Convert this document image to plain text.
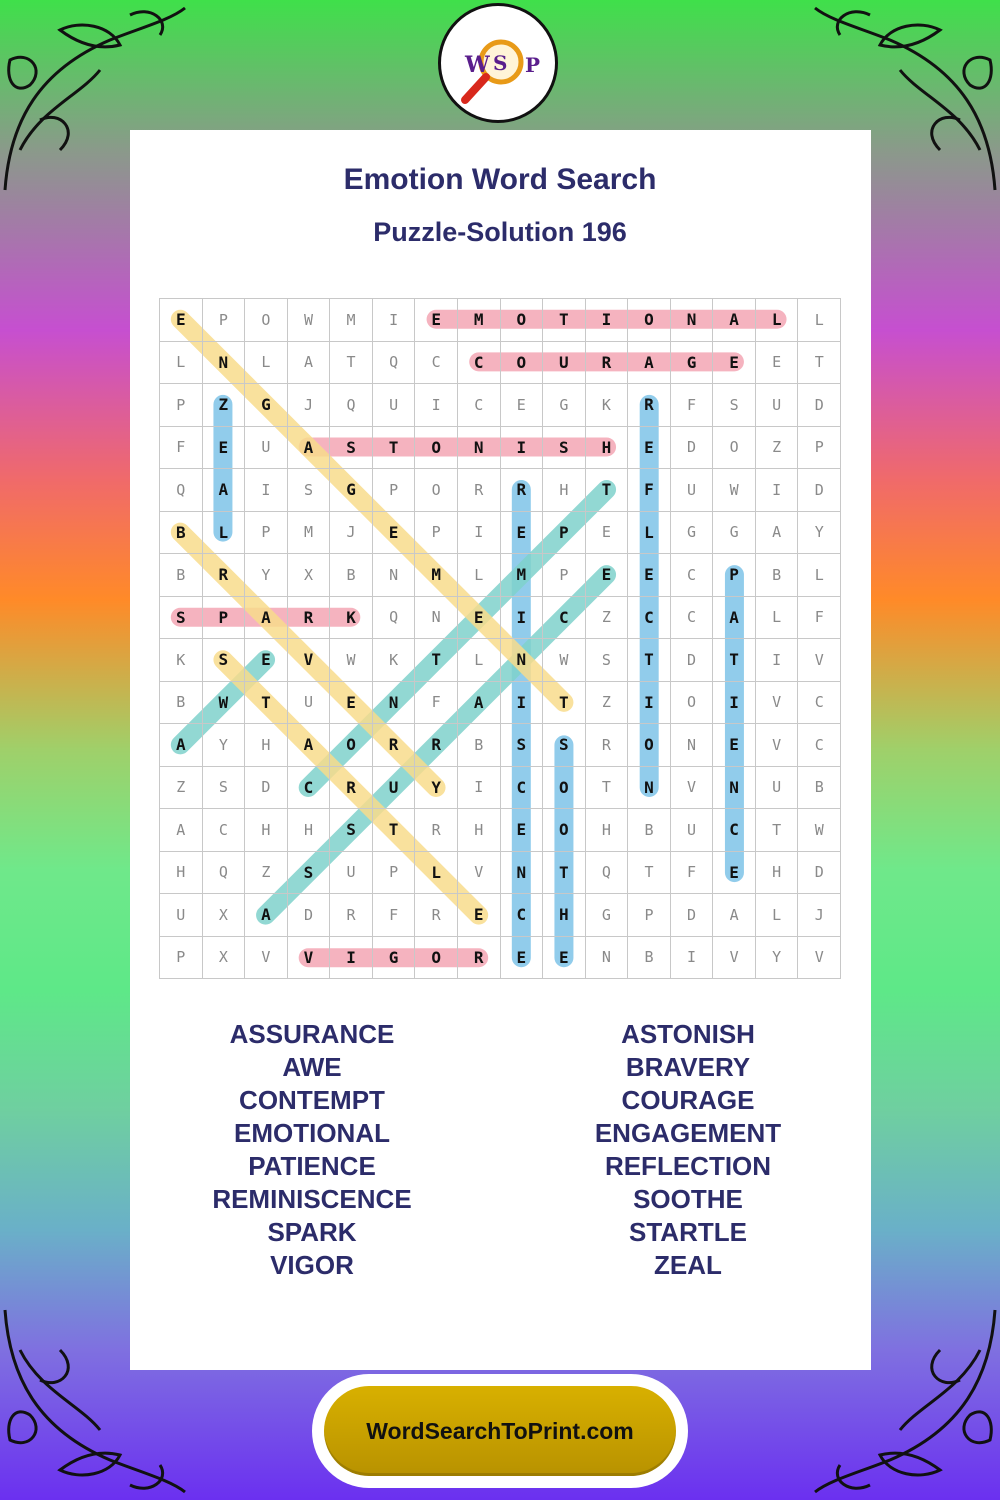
W S P
Emotion Word Search
Puzzle-Solution 196
E	P	O	W	M	I	E	M	O	T	I	O	N	A	L	L
L	N	L	A	T	Q	C	C	O	U	R	A	G	E	E	T
P	Z	G	J	Q	U	I	C	E	G	K	R	F	S	U	D
F	E	U	A	S	T	O	N	I	S	H	E	D	O	Z	P
Q	A	I	S	G	P	O	R	R	H	T	F	U	W	I	D
B	L	P	M	J	E	P	I	E	P	E	L	G	G	A	Y
B	R	Y	X	B	N	M	L	M	P	E	E	C	P	B	L
S	P	A	R	K	Q	N	E	I	C	Z	C	C	A	L	F
K	S	E	V	W	K	T	L	N	W	S	T	D	T	I	V
B	W	T	U	E	N	F	A	I	T	Z	I	O	I	V	C
A	Y	H	A	O	R	R	B	S	S	R	O	N	E	V	C
Z	S	D	C	R	U	Y	I	C	O	T	N	V	N	U	B
A	C	H	H	S	T	R	H	E	O	H	B	U	C	T	W
H	Q	Z	S	U	P	L	V	N	T	Q	T	F	E	H	D
U	X	A	D	R	F	R	E	C	H	G	P	D	A	L	J
P	X	V	V	I	G	O	R	E	E	N	B	I	V	Y	V
ASSURANCE
AWE
CONTEMPT
EMOTIONAL
PATIENCE
REMINISCENCE
SPARK
VIGOR
ASTONISH
BRAVERY
COURAGE
ENGAGEMENT
REFLECTION
SOOTHE
STARTLE
ZEAL
WordSearchToPrint.com
